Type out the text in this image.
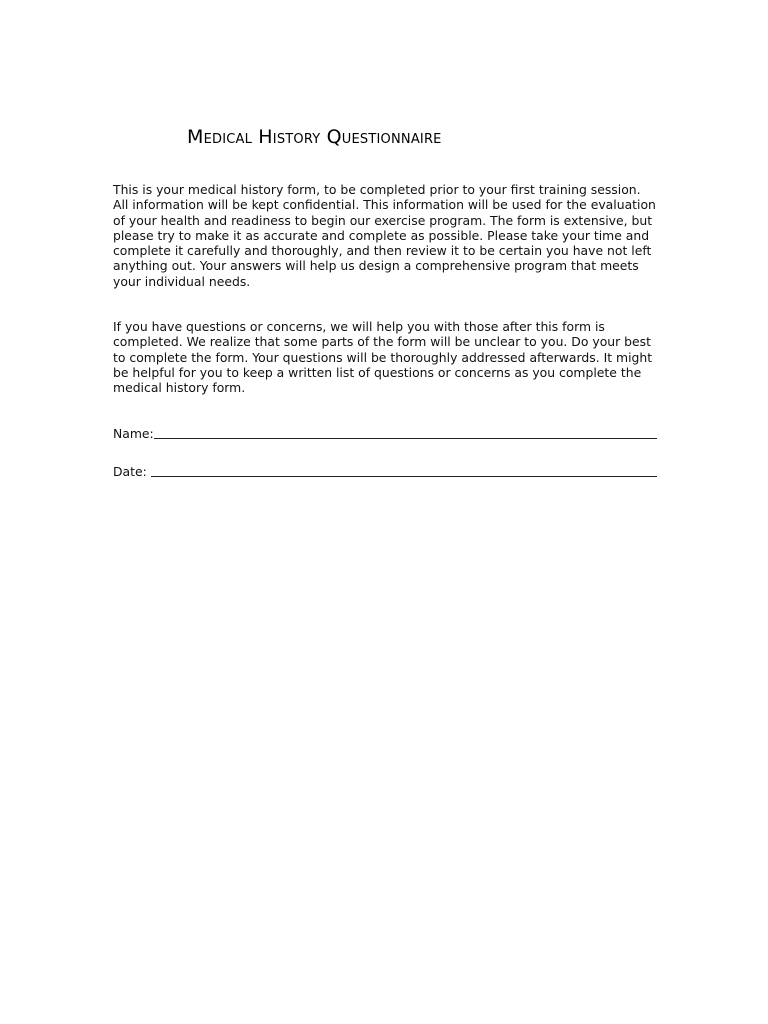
Medical History Questionnaire

This is your medical history form, to be completed prior to your first training session. All information will be kept confidential. This information will be used for the evaluation of your health and readiness to begin our exercise program. The form is extensive, but please try to make it as accurate and complete as possible. Please take your time and complete it carefully and thoroughly, and then review it to be certain you have not left anything out. Your answers will help us design a comprehensive program that meets your individual needs.

If you have questions or concerns, we will help you with those after this form is completed. We realize that some parts of the form will be unclear to you. Do your best to complete the form. Your questions will be thoroughly addressed afterwards. It might be helpful for you to keep a written list of questions or concerns as you complete the medical history form.

Name:
Date:
